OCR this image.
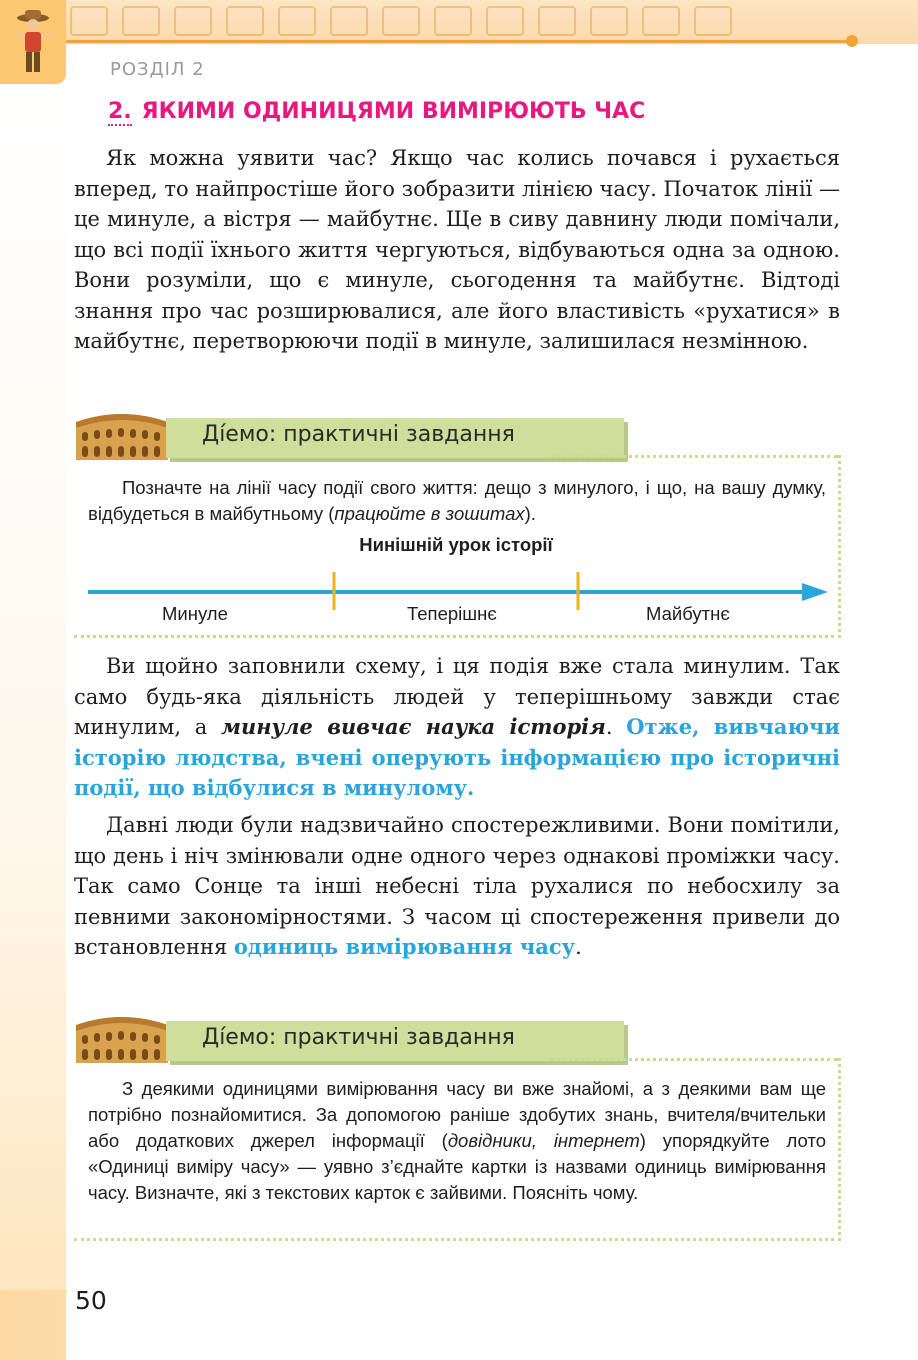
РОЗДІЛ 2
2. ЯКИМИ ОДИНИЦЯМИ ВИМІРЮЮТЬ ЧАС

Як можна уявити час? Якщо час колись почався і рухається вперед, то найпростіше його зобразити лінією часу. Початок лінії — це минуле, а вістря — майбутнє. Ще в сиву давнину люди помічали, що всі події їхнього життя чергуються, відбуваються одна за одною. Вони розуміли, що є минуле, сьогодення та майбутнє. Відтоді знання про час розширювалися, але його властивість «рухатися» в майбутнє, перетворюючи події в минуле, залишилася незмінною.

Дíемо: практичні завдання
Позначте на лінії часу події свого життя: дещо з минулого, і що, на вашу думку, відбудеться в майбутньому (працюйте в зошитах).
Нинішній урок історії
Минуле	Теперішнє	Майбутнє

Ви щойно заповнили схему, і ця подія вже стала минулим. Так само будь-яка діяльність людей у теперішньому завжди стає минулим, а минуле вивчає наука історія. Отже, вивчаючи історію людства, вчені оперують інформацією про історичні події, що відбулися в минулому.

Давні люди були надзвичайно спостережливими. Вони помітили, що день і ніч змінювали одне одного через однакові проміжки часу. Так само Сонце та інші небесні тіла рухалися по небосхилу за певними закономірностями. З часом ці спостереження привели до встановлення одиниць вимірювання часу.

Дíемо: практичні завдання
З деякими одиницями вимірювання часу ви вже знайомі, а з деякими вам ще потрібно познайомитися. За допомогою раніше здобутих знань, вчителя/вчительки або додаткових джерел інформації (довідники, інтернет) упорядкуйте лото «Одиниці виміру часу» — уявно з’єднайте картки із назвами одиниць вимірювання часу. Визначте, які з текстових карток є зайвими. Поясніть чому.
50
